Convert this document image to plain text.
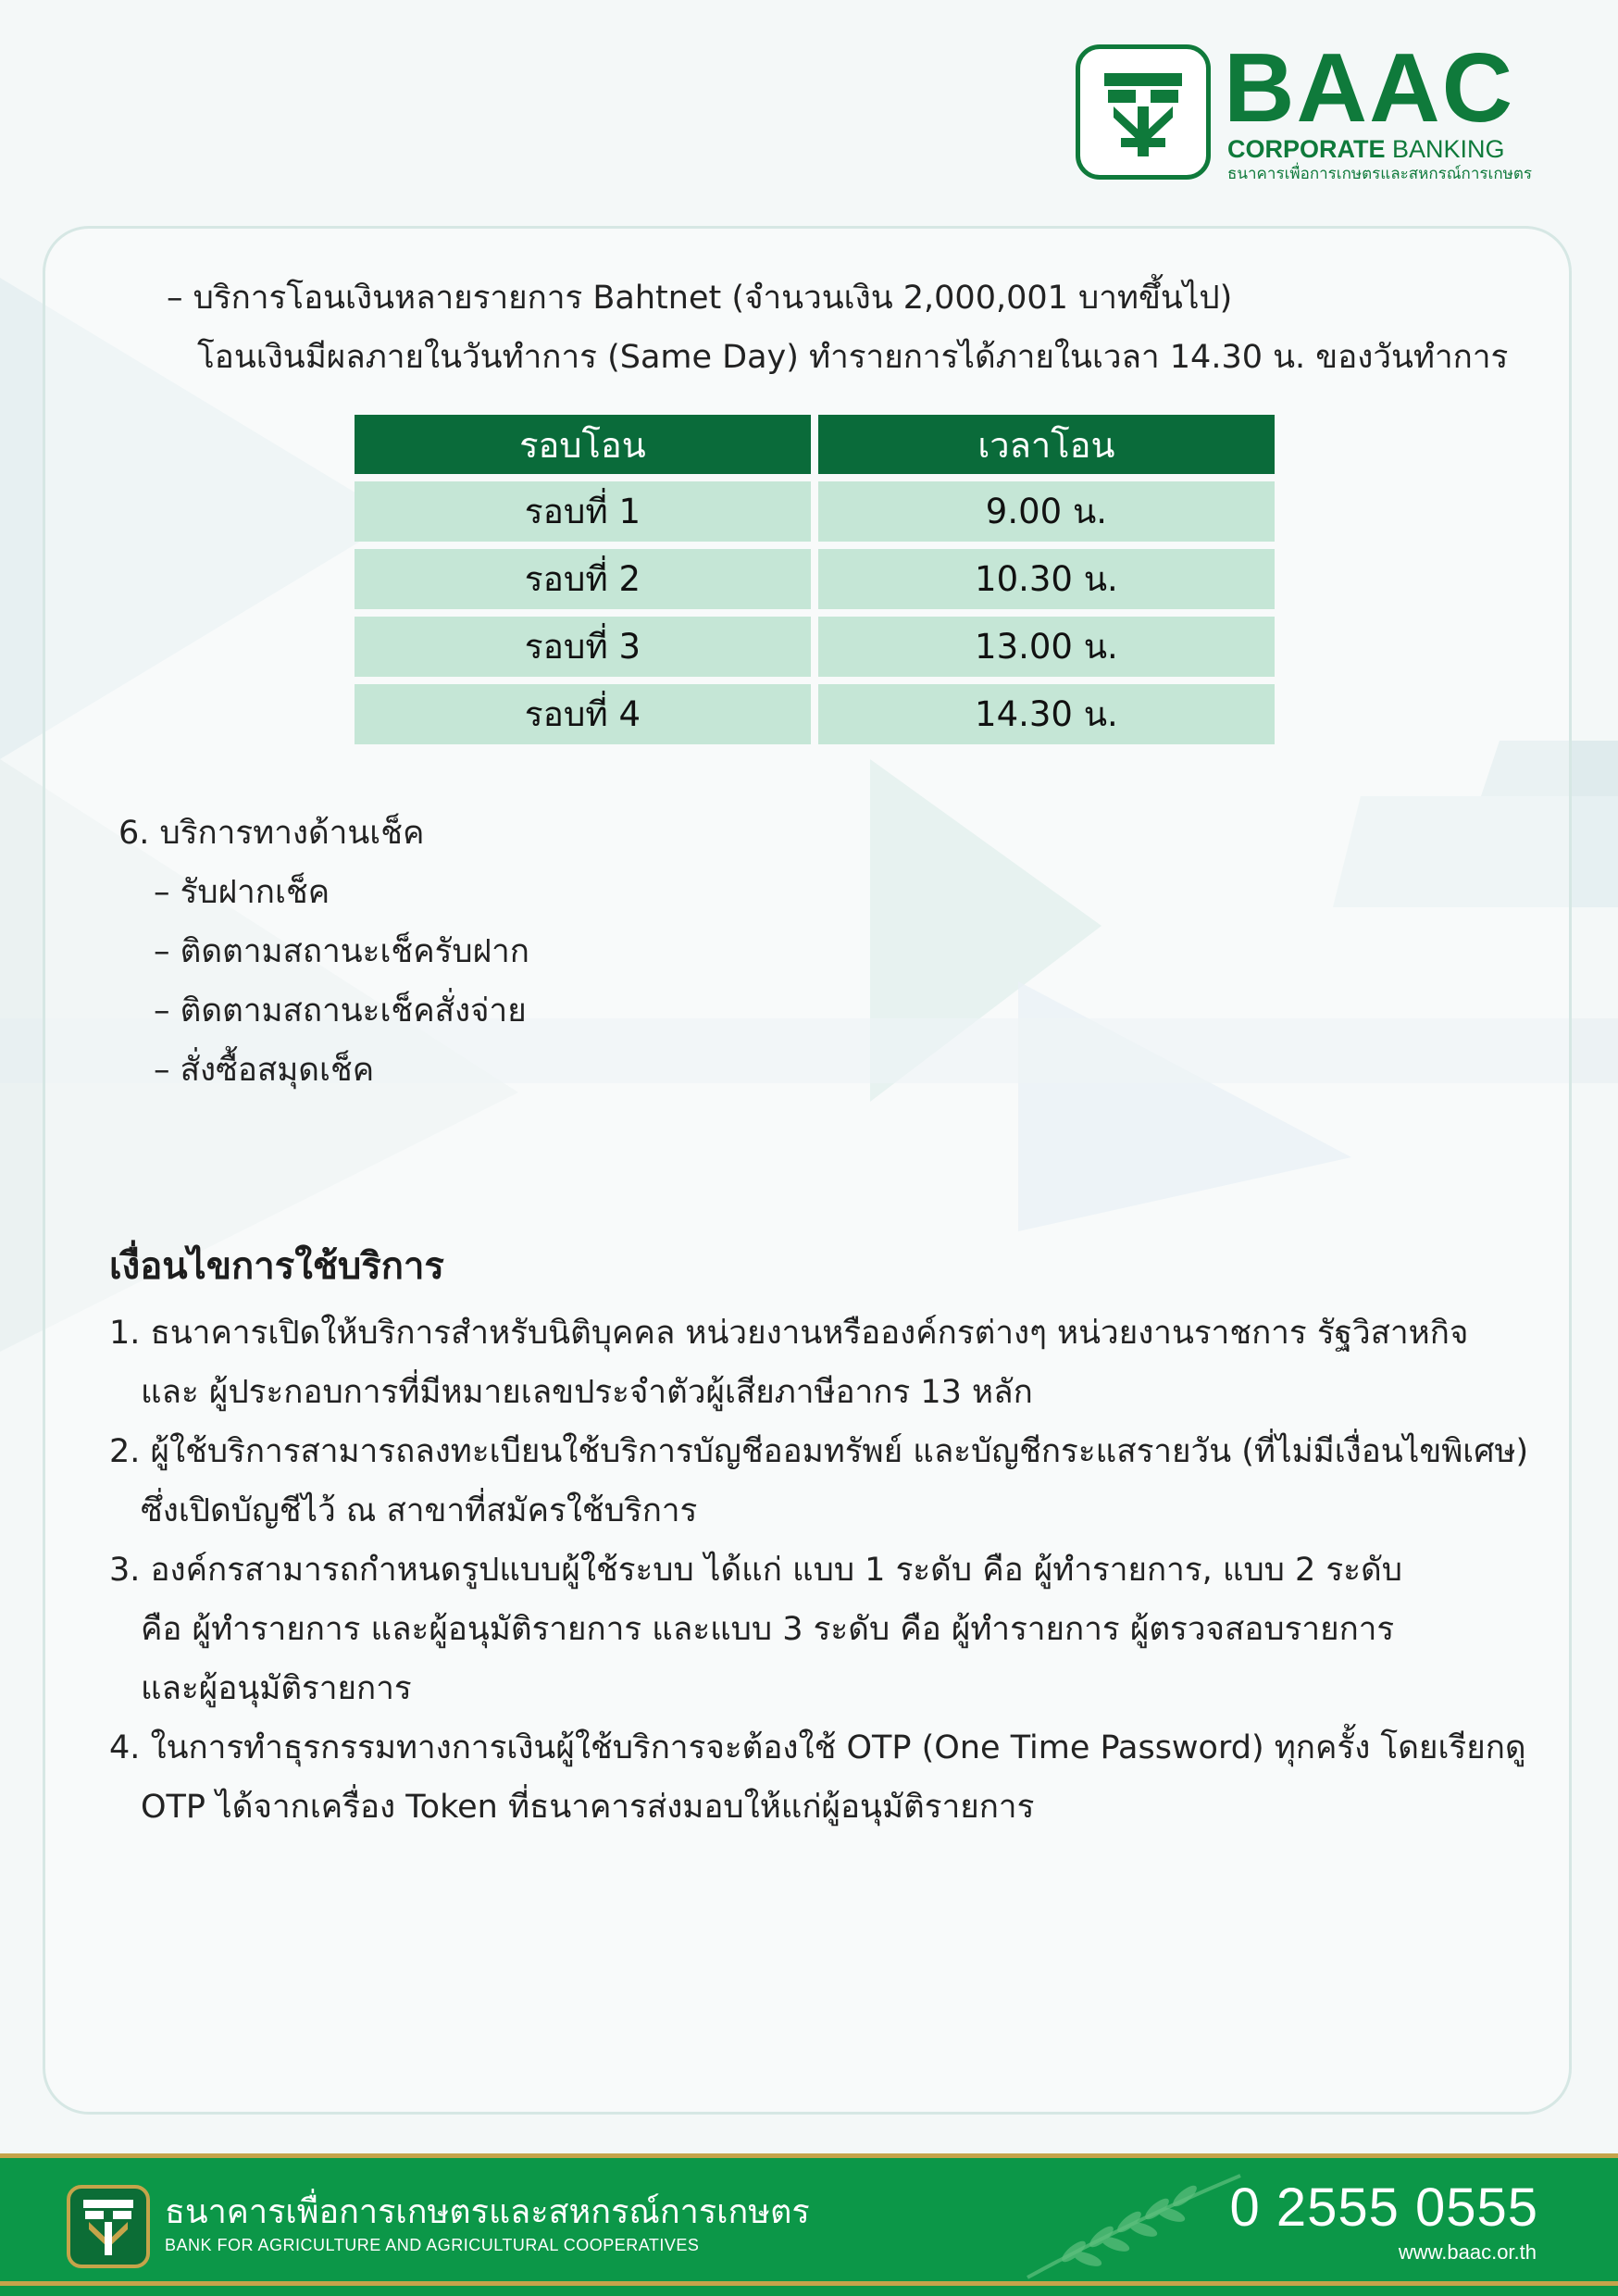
BAAC
CORPORATE BANKING
ธนาคารเพื่อการเกษตรและสหกรณ์การเกษตร
– บริการโอนเงินหลายรายการ Bahtnet (จำนวนเงิน 2,000,001 บาทขึ้นไป)
โอนเงินมีผลภายในวันทำการ (Same Day) ทำรายการได้ภายในเวลา 14.30 น. ของวันทำการ
รอบโอน	เวลาโอน
รอบที่ 1	9.00 น.
รอบที่ 2	10.30 น.
รอบที่ 3	13.00 น.
รอบที่ 4	14.30 น.
6. บริการทางด้านเช็ค
– รับฝากเช็ค
– ติดตามสถานะเช็ครับฝาก
– ติดตามสถานะเช็คสั่งจ่าย
– สั่งซื้อสมุดเช็ค
เงื่อนไขการใช้บริการ
1. ธนาคารเปิดให้บริการสำหรับนิติบุคคล หน่วยงานหรือองค์กรต่างๆ หน่วยงานราชการ รัฐวิสาหกิจ
และ ผู้ประกอบการที่มีหมายเลขประจำตัวผู้เสียภาษีอากร 13 หลัก
2. ผู้ใช้บริการสามารถลงทะเบียนใช้บริการบัญชีออมทรัพย์ และบัญชีกระแสรายวัน (ที่ไม่มีเงื่อนไขพิเศษ)
ซึ่งเปิดบัญชีไว้ ณ สาขาที่สมัครใช้บริการ
3. องค์กรสามารถกำหนดรูปแบบผู้ใช้ระบบ ได้แก่ แบบ 1 ระดับ คือ ผู้ทำรายการ, แบบ 2 ระดับ
คือ ผู้ทำรายการ และผู้อนุมัติรายการ และแบบ 3 ระดับ คือ ผู้ทำรายการ ผู้ตรวจสอบรายการ
และผู้อนุมัติรายการ
4. ในการทำธุรกรรมทางการเงินผู้ใช้บริการจะต้องใช้ OTP (One Time Password) ทุกครั้ง โดยเรียกดู
OTP ได้จากเครื่อง Token ที่ธนาคารส่งมอบให้แก่ผู้อนุมัติรายการ
ธนาคารเพื่อการเกษตรและสหกรณ์การเกษตร
BANK FOR AGRICULTURE AND AGRICULTURAL COOPERATIVES
0 2555 0555
www.baac.or.th
